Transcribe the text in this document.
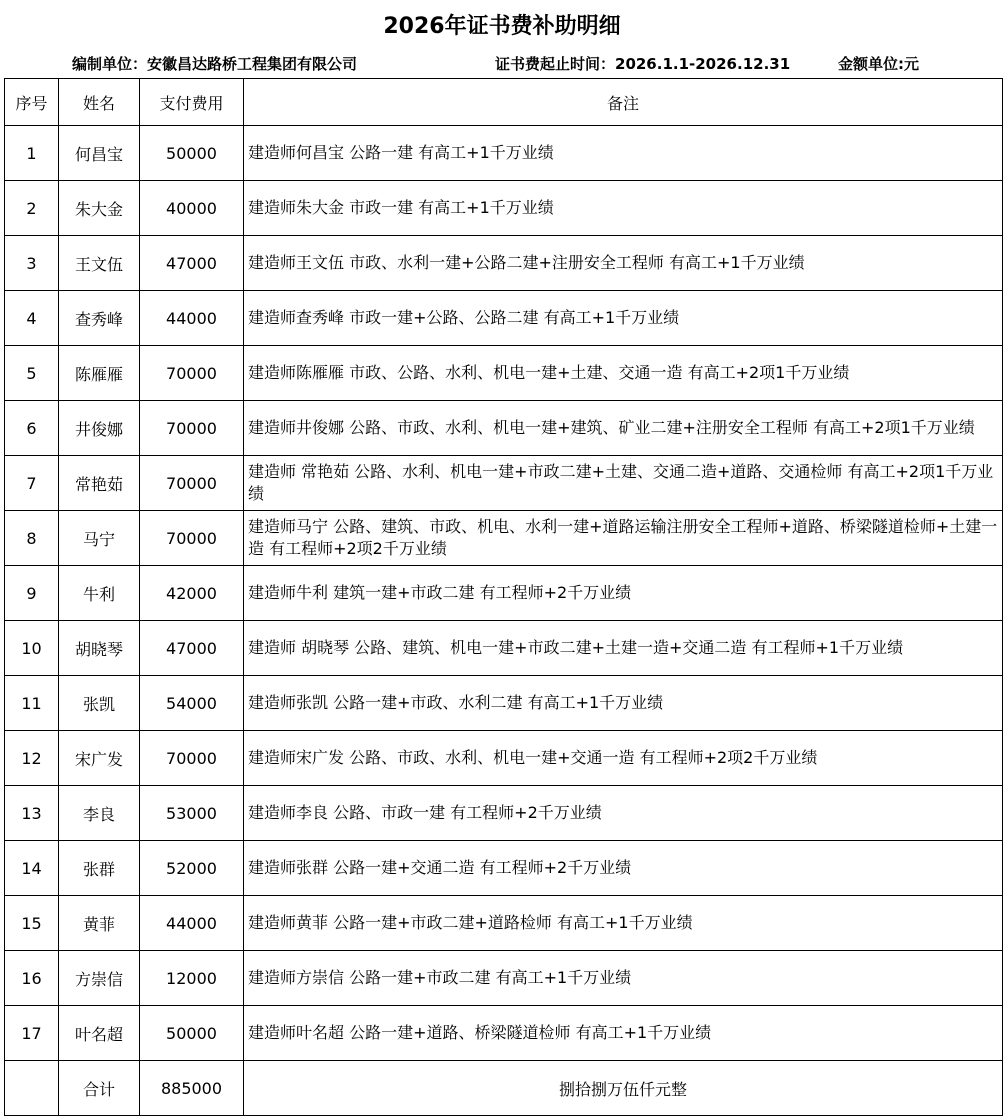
2026年证书费补助明细
编制单位：安徽昌达路桥工程集团有限公司	证书费起止时间：2026.1.1-2026.12.31	金额单位:元
序号	姓名	支付费用	备注
1	何昌宝	50000	建造师何昌宝 公路一建 有高工+1千万业绩
2	朱大金	40000	建造师朱大金 市政一建 有高工+1千万业绩
3	王文伍	47000	建造师王文伍 市政、水利一建+公路二建+注册安全工程师 有高工+1千万业绩
4	查秀峰	44000	建造师查秀峰 市政一建+公路、公路二建 有高工+1千万业绩
5	陈雁雁	70000	建造师陈雁雁 市政、公路、水利、机电一建+土建、交通一造 有高工+2项1千万业绩
6	井俊娜	70000	建造师井俊娜 公路、市政、水利、机电一建+建筑、矿业二建+注册安全工程师 有高工+2项1千万业绩
7	常艳茹	70000	建造师 常艳茹 公路、水利、机电一建+市政二建+土建、交通二造+道路、交通检师 有高工+2项1千万业绩
8	马宁	70000	建造师马宁 公路、建筑、市政、机电、水利一建+道路运输注册安全工程师+道路、桥梁隧道检师+土建一造 有工程师+2项2千万业绩
9	牛利	42000	建造师牛利 建筑一建+市政二建 有工程师+2千万业绩
10	胡晓琴	47000	建造师 胡晓琴 公路、建筑、机电一建+市政二建+土建一造+交通二造 有工程师+1千万业绩
11	张凯	54000	建造师张凯 公路一建+市政、水利二建 有高工+1千万业绩
12	宋广发	70000	建造师宋广发 公路、市政、水利、机电一建+交通一造 有工程师+2项2千万业绩
13	李良	53000	建造师李良 公路、市政一建 有工程师+2千万业绩
14	张群	52000	建造师张群 公路一建+交通二造 有工程师+2千万业绩
15	黄菲	44000	建造师黄菲 公路一建+市政二建+道路检师 有高工+1千万业绩
16	方崇信	12000	建造师方崇信 公路一建+市政二建 有高工+1千万业绩
17	叶名超	50000	建造师叶名超 公路一建+道路、桥梁隧道检师 有高工+1千万业绩
	合计	885000	捌拾捌万伍仟元整
